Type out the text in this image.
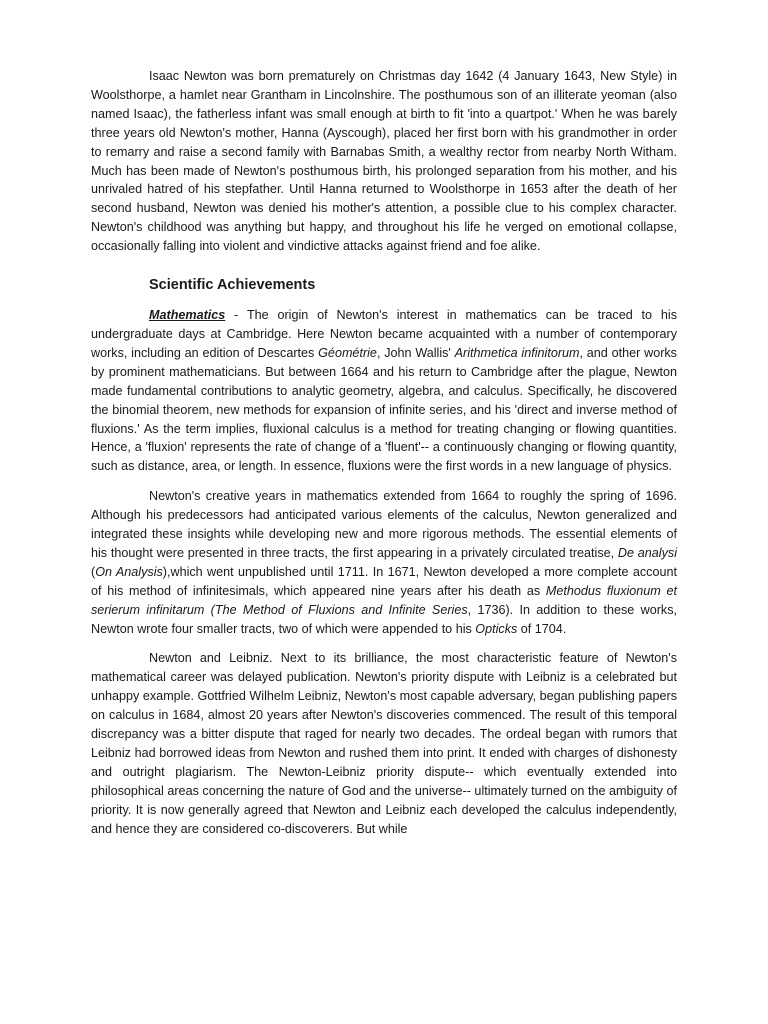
Isaac Newton was born prematurely on Christmas day 1642 (4 January 1643, New Style) in Woolsthorpe, a hamlet near Grantham in Lincolnshire. The posthumous son of an illiterate yeoman (also named Isaac), the fatherless infant was small enough at birth to fit 'into a quartpot.' When he was barely three years old Newton's mother, Hanna (Ayscough), placed her first born with his grandmother in order to remarry and raise a second family with Barnabas Smith, a wealthy rector from nearby North Witham. Much has been made of Newton's posthumous birth, his prolonged separation from his mother, and his unrivaled hatred of his stepfather. Until Hanna returned to Woolsthorpe in 1653 after the death of her second husband, Newton was denied his mother's attention, a possible clue to his complex character. Newton's childhood was anything but happy, and throughout his life he verged on emotional collapse, occasionally falling into violent and vindictive attacks against friend and foe alike.

Scientific Achievements

Mathematics - The origin of Newton's interest in mathematics can be traced to his undergraduate days at Cambridge. Here Newton became acquainted with a number of contemporary works, including an edition of Descartes Géométrie, John Wallis' Arithmetica infinitorum, and other works by prominent mathematicians. But between 1664 and his return to Cambridge after the plague, Newton made fundamental contributions to analytic geometry, algebra, and calculus. Specifically, he discovered the binomial theorem, new methods for expansion of infinite series, and his 'direct and inverse method of fluxions.' As the term implies, fluxional calculus is a method for treating changing or flowing quantities. Hence, a 'fluxion' represents the rate of change of a 'fluent'-- a continuously changing or flowing quantity, such as distance, area, or length. In essence, fluxions were the first words in a new language of physics.

Newton's creative years in mathematics extended from 1664 to roughly the spring of 1696. Although his predecessors had anticipated various elements of the calculus, Newton generalized and integrated these insights while developing new and more rigorous methods. The essential elements of his thought were presented in three tracts, the first appearing in a privately circulated treatise, De analysi (On Analysis),which went unpublished until 1711. In 1671, Newton developed a more complete account of his method of infinitesimals, which appeared nine years after his death as Methodus fluxionum et serierum infinitarum (The Method of Fluxions and Infinite Series, 1736). In addition to these works, Newton wrote four smaller tracts, two of which were appended to his Opticks of 1704.

Newton and Leibniz. Next to its brilliance, the most characteristic feature of Newton's mathematical career was delayed publication. Newton's priority dispute with Leibniz is a celebrated but unhappy example. Gottfried Wilhelm Leibniz, Newton's most capable adversary, began publishing papers on calculus in 1684, almost 20 years after Newton's discoveries commenced. The result of this temporal discrepancy was a bitter dispute that raged for nearly two decades. The ordeal began with rumors that Leibniz had borrowed ideas from Newton and rushed them into print. It ended with charges of dishonesty and outright plagiarism. The Newton-Leibniz priority dispute-- which eventually extended into philosophical areas concerning the nature of God and the universe-- ultimately turned on the ambiguity of priority. It is now generally agreed that Newton and Leibniz each developed the calculus independently, and hence they are considered co-discoverers. But while
